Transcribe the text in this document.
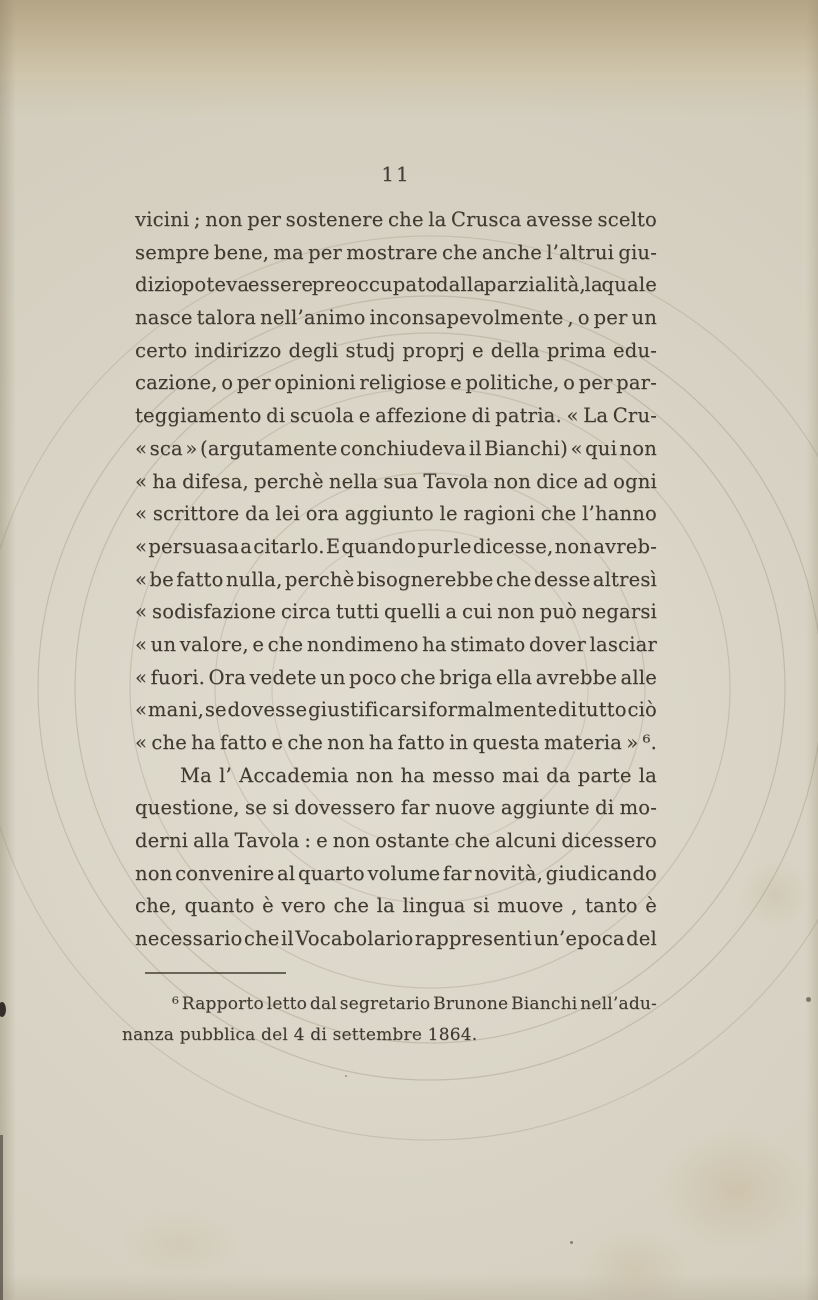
11
vicini ; non per sostenere che la Crusca avesse scelto
sempre bene, ma per mostrare che anche l’altrui giu-
dizio poteva essere preoccupato dalla parzialità, la quale
nasce talora nell’animo inconsapevolmente , o per un
certo indirizzo degli studj proprj e della prima edu-
cazione, o per opinioni religiose e politiche, o per par-
teggiamento di scuola e affezione di patria. « La Cru-
« sca » (argutamente conchiudeva il Bianchi) « qui non
« ha difesa, perchè nella sua Tavola non dice ad ogni
« scrittore da lei ora aggiunto le ragioni che l’hanno
« persuasa a citarlo. E quando pur le dicesse, non avreb-
« be fatto nulla, perchè bisognerebbe che desse altresì
« sodisfazione circa tutti quelli a cui non può negarsi
« un valore, e che nondimeno ha stimato dover lasciar
« fuori. Ora vedete un poco che briga ella avrebbe alle
« mani, se dovesse giustificarsi formalmente di tutto ciò
« che ha fatto e che non ha fatto in questa materia » ⁶.
Ma l’ Accademia non ha messo mai da parte la
questione, se si dovessero far nuove aggiunte di mo-
derni alla Tavola : e non ostante che alcuni dicessero
non convenire al quarto volume far novità, giudicando
che, quanto è vero che la lingua si muove , tanto è
necessario che il Vocabolario rappresenti un’epoca del
⁶ Rapporto letto dal segretario Brunone Bianchi nell’adu-
nanza pubblica del 4 di settembre 1864.
